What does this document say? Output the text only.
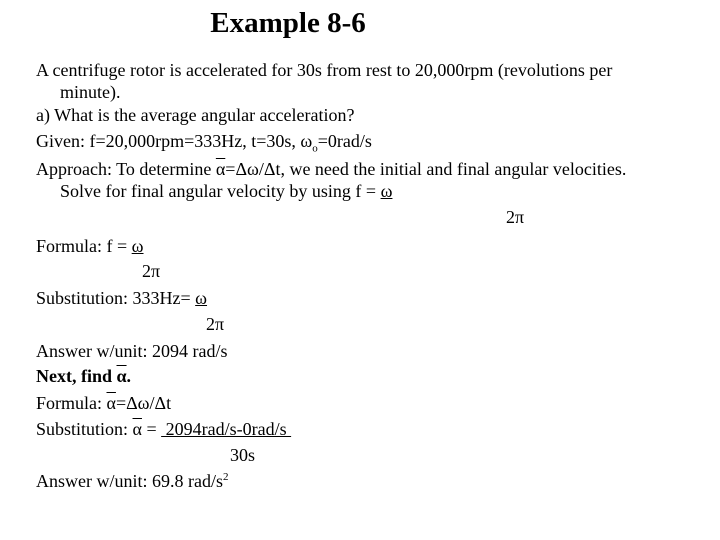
Example 8-6
A centrifuge rotor is accelerated for 30s from rest to 20,000rpm (revolutions per
minute).
a) What is the average angular acceleration?
Given: f=20,000rpm=333Hz, t=30s, $\omega_o=0rad/s$
Approach: To determine $\overline{\alpha}=\Delta\omega/\Delta t$, we need the initial and final angular velocities.
Solve for final angular velocity by using f = ω
2π
Formula: f = ω
2π
Substitution: 333Hz= ω
2π
Answer w/unit: 2094 rad/s
Next, find $\overline{\alpha}$.
Formula: $\overline{\alpha}=\Delta\omega/\Delta t$
Substitution: $\overline{\alpha} = 2094rad/s-0rad/s$
30s
Answer w/unit: 69.8 rad/$s^2$
